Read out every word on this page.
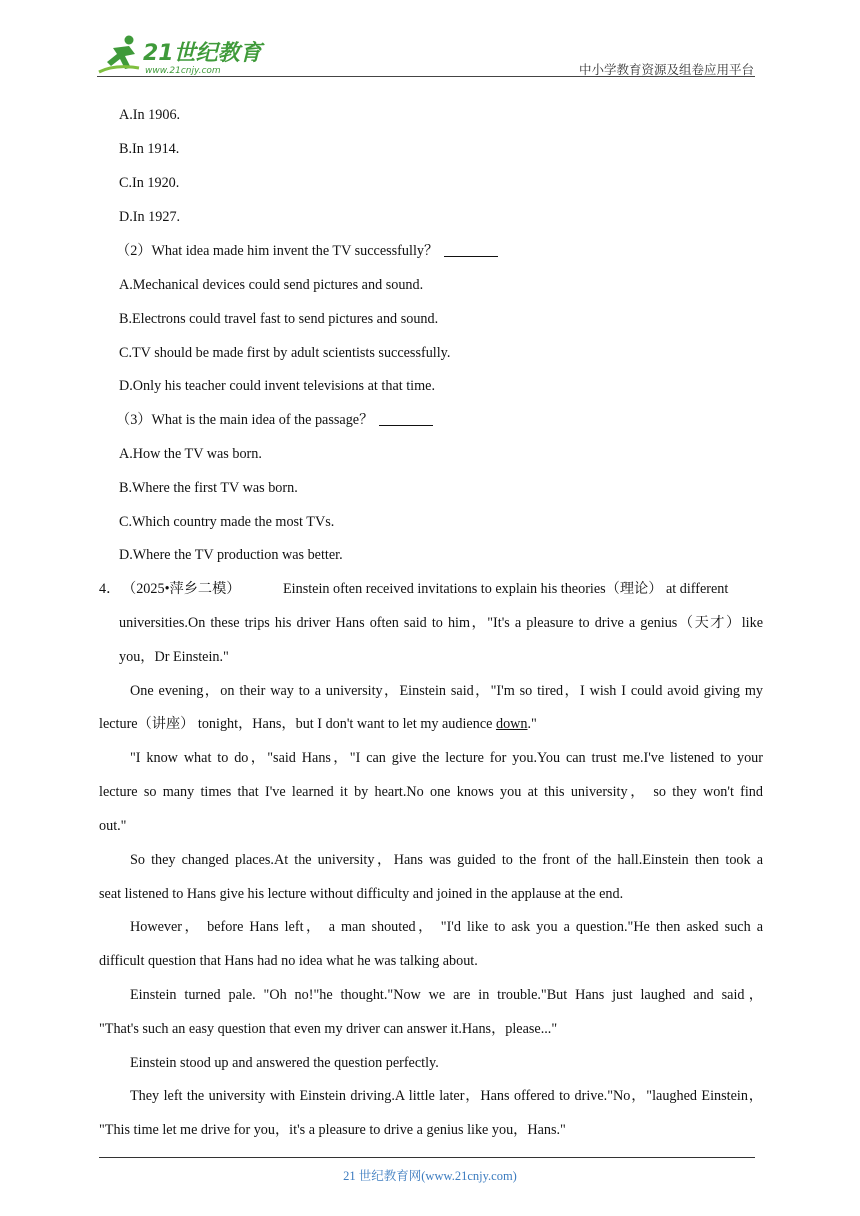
21世纪教育
www.21cnjy.com	中小学教育资源及组卷应用平台
A.In 1906.
B.In 1914.
C.In 1920.
D.In 1927.
（2）What idea made him invent the TV successfully？
A.Mechanical devices could send pictures and sound.
B.Electrons could travel fast to send pictures and sound.
C.TV should be made first by adult scientists successfully.
D.Only his teacher could invent televisions at that time.
（3）What is the main idea of the passage？
A.How the TV was born.
B.Where the first TV was born.
C.Which country made the most TVs.
D.Where the TV production was better.
4． （2025•萍乡二模）	Einstein often received invitations to explain his theories（理论） at different
universities.On these trips his driver Hans often said to him，"It's a pleasure to drive a genius（天才）like
you，Dr Einstein."
One evening，on their way to a university，Einstein said，"I'm so tired，I wish I could avoid giving my
lecture（讲座） tonight，Hans，but I don't want to let my audience down."
"I know what to do，"said Hans，"I can give the lecture for you.You can trust me.I've listened to your
lecture so many times that I've learned it by heart.No one knows you at this university， so they won't find
out."
So they changed places.At the university，Hans was guided to the front of the hall.Einstein then took a
seat listened to Hans give his lecture without difficulty and joined in the applause at the end.
However， before Hans left， a man shouted， "I'd like to ask you a question."He then asked such a
difficult question that Hans had no idea what he was talking about.
Einstein turned pale. "Oh no!"he thought."Now we are in trouble."But Hans just laughed and said，
"That's such an easy question that even my driver can answer it.Hans，please..."
Einstein stood up and answered the question perfectly.
They left the university with Einstein driving.A little later，Hans offered to drive."No，"laughed Einstein，
"This time let me drive for you，it's a pleasure to drive a genius like you，Hans."
21 世纪教育网(www.21cnjy.com)
